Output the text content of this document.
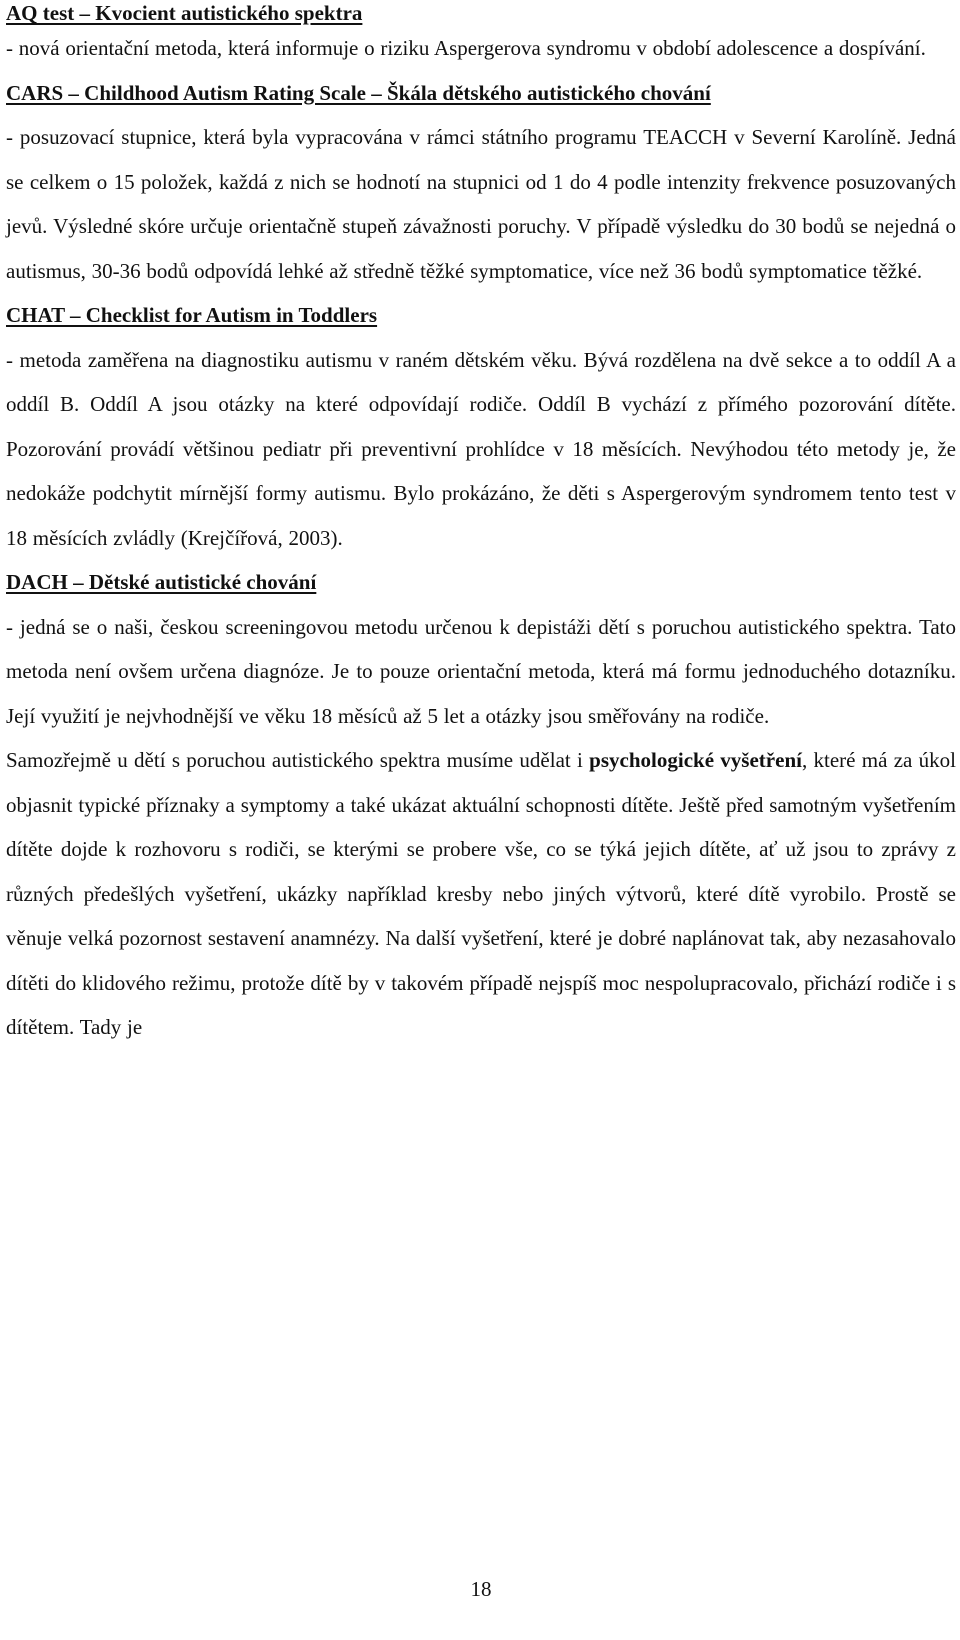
AQ test – Kvocient autistického spektra

- nová orientační metoda, která informuje o riziku Aspergerova syndromu v období adolescence a dospívání.

CARS – Childhood Autism Rating Scale – Škála dětského autistického chování

- posuzovací stupnice, která byla vypracována v rámci státního programu TEACCH v Severní Karolíně. Jedná se celkem o 15 položek, každá z nich se hodnotí na stupnici od 1 do 4 podle intenzity frekvence posuzovaných jevů. Výsledné skóre určuje orientačně stupeň závažnosti poruchy. V případě výsledku do 30 bodů se nejedná o autismus, 30-36 bodů odpovídá lehké až středně těžké symptomatice, více než 36 bodů symptomatice těžké.

CHAT – Checklist for Autism in Toddlers

- metoda zaměřena na diagnostiku autismu v raném dětském věku. Bývá rozdělena na dvě sekce a to oddíl A a oddíl B. Oddíl A jsou otázky na které odpovídají rodiče. Oddíl B vychází z přímého pozorování dítěte. Pozorování provádí většinou pediatr při preventivní prohlídce v 18 měsících. Nevýhodou této metody je, že nedokáže podchytit mírnější formy autismu. Bylo prokázáno, že děti s Aspergerovým syndromem tento test v 18 měsících zvládly (Krejčířová, 2003).

DACH – Dětské autistické chování

- jedná se o naši, českou screeningovou metodu určenou k depistáži dětí s poruchou autistického spektra. Tato metoda není ovšem určena diagnóze. Je to pouze orientační metoda, která má formu jednoduchého dotazníku. Její využití je nejvhodnější ve věku 18 měsíců až 5 let a otázky jsou směřovány na rodiče.

Samozřejmě u dětí s poruchou autistického spektra musíme udělat i psychologické vyšetření, které má za úkol objasnit typické příznaky a symptomy a také ukázat aktuální schopnosti dítěte. Ještě před samotným vyšetřením dítěte dojde k rozhovoru s rodiči, se kterými se probere vše, co se týká jejich dítěte, ať už jsou to zprávy z různých předešlých vyšetření, ukázky například kresby nebo jiných výtvorů, které dítě vyrobilo. Prostě se věnuje velká pozornost sestavení anamnézy. Na další vyšetření, které je dobré naplánovat tak, aby nezasahovalo dítěti do klidového režimu, protože dítě by v takovém případě nejspíš moc nespolupracovalo, přichází rodiče i s dítětem. Tady je

18
